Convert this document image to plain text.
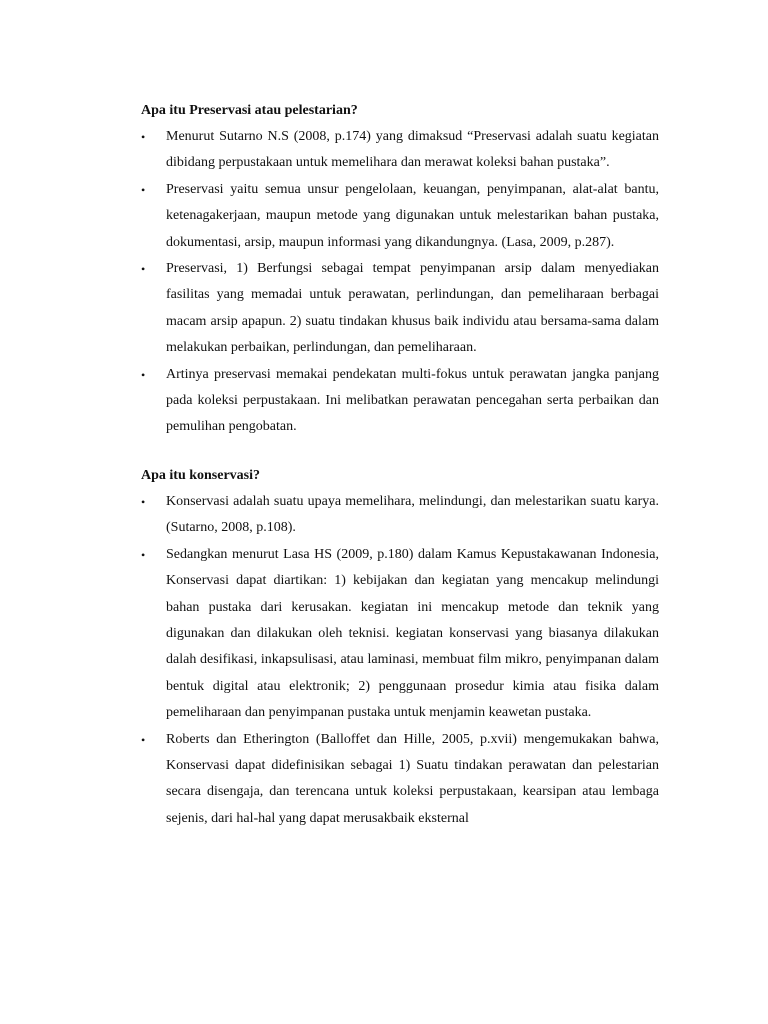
Apa itu Preservasi atau pelestarian?
•	Menurut Sutarno N.S (2008, p.174) yang dimaksud “Preservasi adalah suatu kegiatan dibidang perpustakaan untuk memelihara dan merawat koleksi bahan pustaka”.
•	Preservasi yaitu semua unsur pengelolaan, keuangan, penyimpanan, alat-alat bantu, ketenagakerjaan, maupun metode yang digunakan untuk melestarikan bahan pustaka, dokumentasi, arsip, maupun informasi yang dikandungnya. (Lasa, 2009, p.287).
•	Preservasi, 1) Berfungsi sebagai tempat penyimpanan arsip dalam menyediakan fasilitas yang memadai untuk perawatan, perlindungan, dan pemeliharaan berbagai macam arsip apapun. 2) suatu tindakan khusus baik individu atau bersama-sama dalam melakukan perbaikan, perlindungan, dan pemeliharaan.
•	Artinya preservasi memakai pendekatan multi-fokus untuk perawatan jangka panjang pada koleksi perpustakaan. Ini melibatkan perawatan pencegahan serta perbaikan dan pemulihan pengobatan.
Apa itu konservasi?
•	Konservasi adalah suatu upaya memelihara, melindungi, dan melestarikan suatu karya. (Sutarno, 2008, p.108).
•	Sedangkan menurut Lasa HS (2009, p.180) dalam Kamus Kepustakawanan Indonesia, Konservasi dapat diartikan: 1) kebijakan dan kegiatan yang mencakup melindungi bahan pustaka dari kerusakan. kegiatan ini mencakup metode dan teknik yang digunakan dan dilakukan oleh teknisi. kegiatan konservasi yang biasanya dilakukan dalah desifikasi, inkapsulisasi, atau laminasi, membuat film mikro, penyimpanan dalam bentuk digital atau elektronik; 2) penggunaan prosedur kimia atau fisika dalam pemeliharaan dan penyimpanan pustaka untuk menjamin keawetan pustaka.
•	Roberts dan Etherington (Balloffet dan Hille, 2005, p.xvii) mengemukakan bahwa, Konservasi dapat didefinisikan sebagai 1) Suatu tindakan perawatan dan pelestarian secara disengaja, dan terencana untuk koleksi perpustakaan, kearsipan atau lembaga sejenis, dari hal-hal yang dapat merusakbaik eksternal
